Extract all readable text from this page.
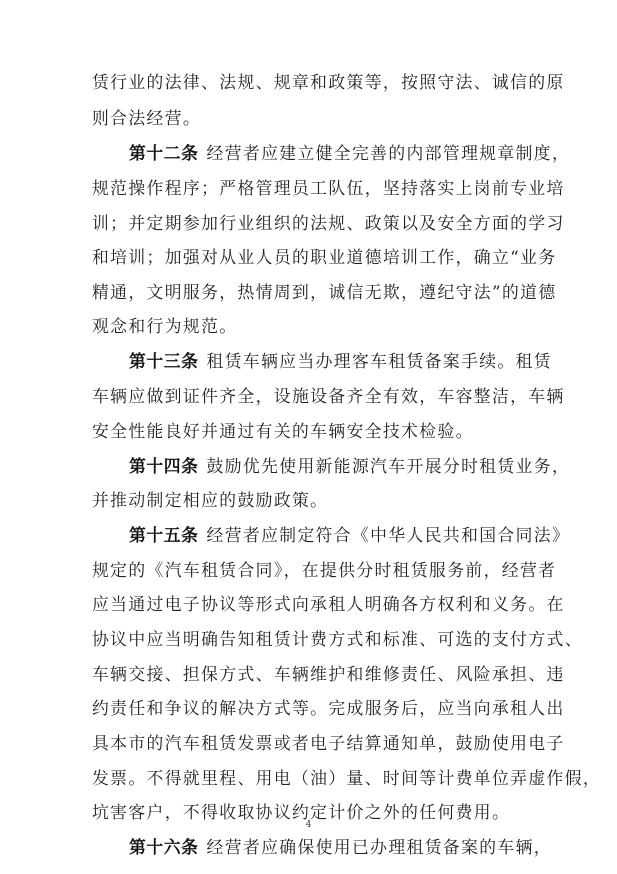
赁行业的法律、法规、规章和政策等，按照守法、诚信的原
则合法经营。
第十二条 经营者应建立健全完善的内部管理规章制度，
规范操作程序；严格管理员工队伍，坚持落实上岗前专业培
训；并定期参加行业组织的法规、政策以及安全方面的学习
和培训；加强对从业人员的职业道德培训工作，确立“业务
精通，文明服务，热情周到，诚信无欺，遵纪守法”的道德
观念和行为规范。
第十三条 租赁车辆应当办理客车租赁备案手续。租赁
车辆应做到证件齐全，设施设备齐全有效，车容整洁，车辆
安全性能良好并通过有关的车辆安全技术检验。
第十四条 鼓励优先使用新能源汽车开展分时租赁业务，
并推动制定相应的鼓励政策。
第十五条 经营者应制定符合《中华人民共和国合同法》
规定的《汽车租赁合同》，在提供分时租赁服务前，经营者
应当通过电子协议等形式向承租人明确各方权利和义务。在
协议中应当明确告知租赁计费方式和标准、可选的支付方式、
车辆交接、担保方式、车辆维护和维修责任、风险承担、违
约责任和争议的解决方式等。完成服务后，应当向承租人出
具本市的汽车租赁发票或者电子结算通知单，鼓励使用电子
发票。不得就里程、用电（油）量、时间等计费单位弄虚作假，
坑害客户，不得收取协议约定计价之外的任何费用。
第十六条 经营者应确保使用已办理租赁备案的车辆，
4
